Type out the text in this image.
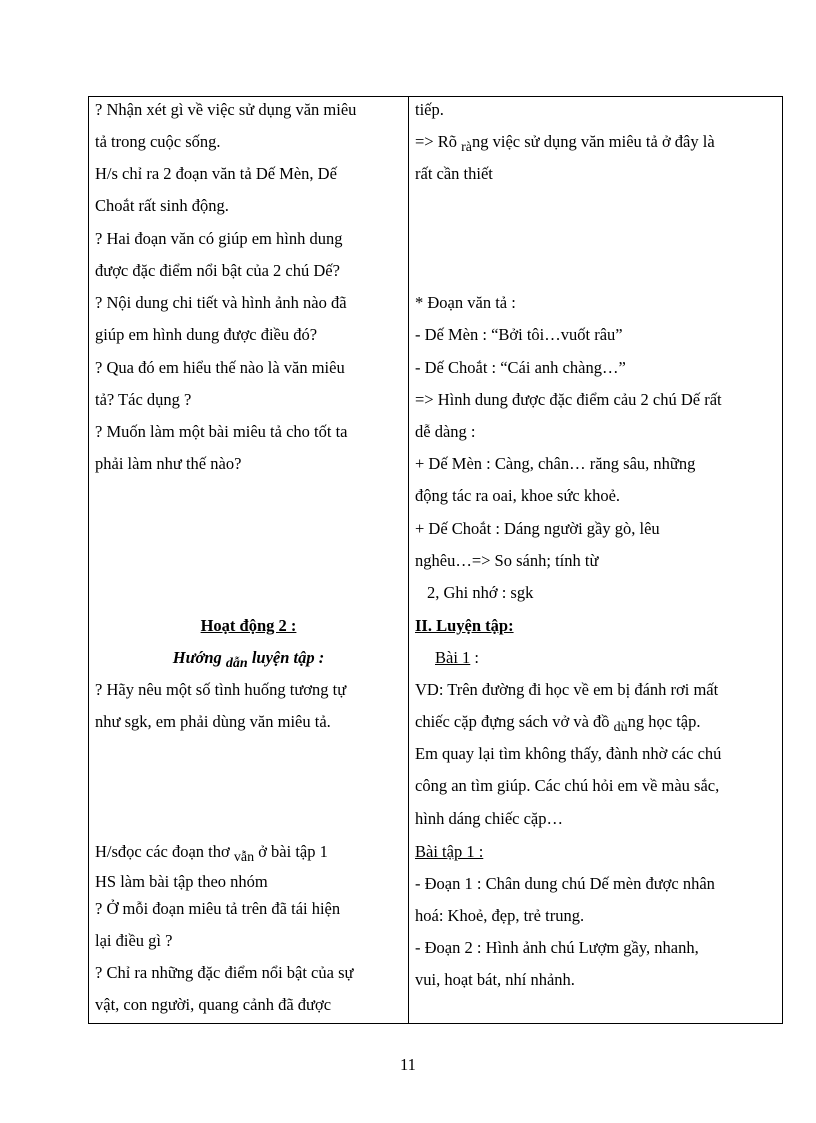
? Nhận xét gì về việc sử dụng văn miêu
tả trong cuộc sống.
H/s chỉ ra 2 đoạn văn tả Dế Mèn, Dế
Choắt rất sinh động.
? Hai đoạn văn có giúp em hình dung
được đặc điểm nổi bật của 2 chú Dế?
? Nội dung chi tiết và hình ảnh nào đã
giúp em hình dung được điều đó?
? Qua đó em hiểu thế nào là văn miêu
tả? Tác dụng ?
? Muốn làm một bài miêu tả cho tốt ta
phải làm như thế nào?
Hoạt động 2 :
Hướng $_{dẫn}$ luyện tập :
? Hãy nêu một số tình huống tương tự
như sgk, em phải dùng văn miêu tả.
H/sđọc các đoạn thơ $_{vẫn}$ ở bài tập 1
HS làm bài tập theo nhóm
? Ở mỗi đoạn miêu tả trên đã tái hiện
lại điều gì ?
? Chỉ ra những đặc điểm nổi bật của sự
vật, con người, quang cảnh đã được
tiếp.
=> Rõ $_{rà}$ng việc sử dụng văn miêu tả ở đây là
rất cần thiết
* Đoạn văn tả :
- Dế Mèn : “Bởi tôi…vuốt râu”
- Dế Choắt : “Cái anh chàng…”
=> Hình dung được đặc điểm cảu 2 chú Dế rất
dễ dàng :
+ Dế Mèn : Càng, chân… răng sâu, những
động tác ra oai, khoe sức khoẻ.
+ Dế Choắt : Dáng người gầy gò, lêu
nghêu…=> So sánh; tính từ
2, Ghi nhớ : sgk
II. Luyện tập:
Bài 1 :
VD: Trên đường đi học về em bị đánh rơi mất
chiếc cặp đựng sách vở và đồ $_{dù}$ng học tập.
Em quay lại tìm không thấy, đành nhờ các chú
công an tìm giúp. Các chú hỏi em về màu sắc,
hình dáng chiếc cặp…
Bài tập 1 :
- Đoạn 1 : Chân dung chú Dế mèn được nhân
hoá: Khoẻ, đẹp, trẻ trung.
- Đoạn 2 : Hình ảnh chú Lượm gầy, nhanh,
vui, hoạt bát, nhí nhảnh.
11
